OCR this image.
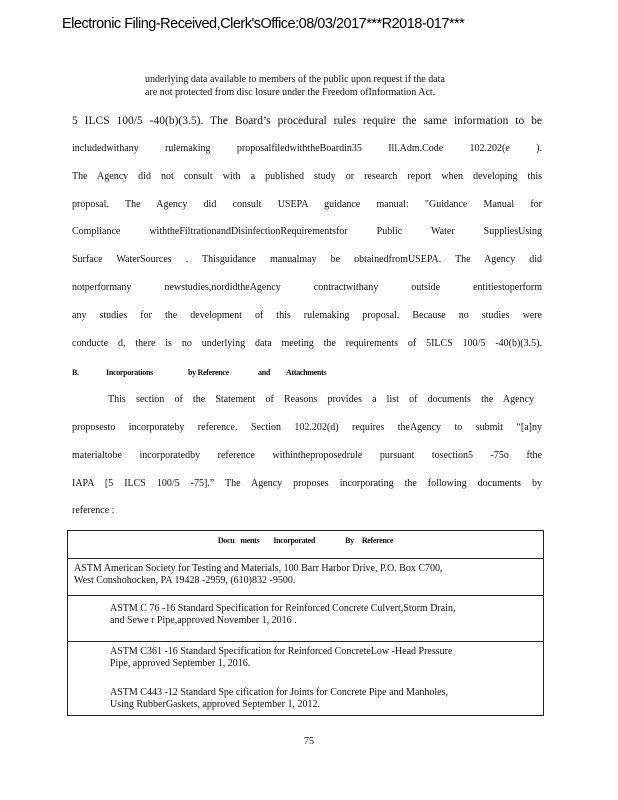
Electronic Filing-Received,Clerk'sOffice:08/03/2017***R2018-017***
underlying data available to members of the public upon request if the data
are not protected from disc losure under the Freedom ofInformation Act.
5 ILCS 100/5 -40(b)(3.5). The Board’s procedural rules require the same information to be
includedwithany rulemaking proposalfiledwiththeBoardin35 Ill.Adm.Code 102.202(e ).
The Agency did not consult with a published study or research report when developing this
proposal. The Agency did consult USEPA guidance manual: "Guidance Manual for
Compliance withtheFiltrationandDisinfectionRequirementsfor Public Water SuppliesUsing
Surface WaterSources . Thisguidance manualmay be obtainedfromUSEPA. The Agency did
notperformany newstudies,nordidtheAgency contractwithany outside entitiestoperform
any studies for the development of this rulemaking proposal. Because no studies were
conducte d, there is no underlying data meeting the requirements of 5ILCS 100/5 -40(b)(3.5).
B.	Incorporations	by Reference	and Attachments
This section of the Statement of Reasons provides a list of documents the Agency
proposesto incorporateby reference. Section 102.202(d) requires theAgency to submit “[a]ny
materialtobe incorporatedby reference withintheproposedrule pursuant tosection5 -75o fthe
IAPA [5 ILCS 100/5 -75].” The Agency proposes incorporating the following documents by
reference :
Docu ments Incorporated	By Reference
ASTM American Society for Testing and Materials, 100 Barr Harbor Drive, P.O. Box C700,
West Conshohocken, PA 19428 -2959, (610)832 -9500.
ASTM C 76 -16 Standard Specification for Reinforced Concrete Culvert,Storm Drain,
and Sewe r Pipe,approved November 1, 2016 .
ASTM C361 -16 Standard Specification for Reinforced ConcreteLow -Head Pressure
Pipe, approved September 1, 2016.
ASTM C443 -12 Standard Spe cification for Joints for Concrete Pipe and Manholes,
Using RubberGaskets, approved September 1, 2012.
75
